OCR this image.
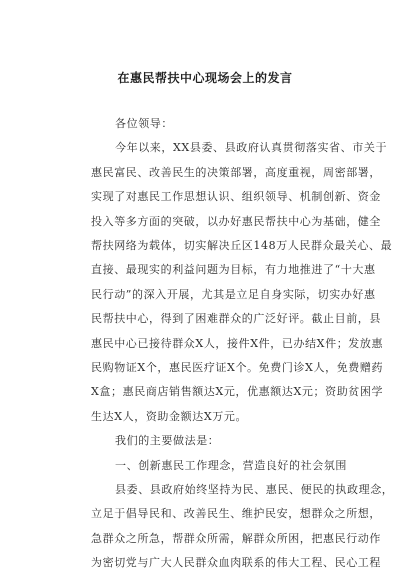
在惠民帮扶中心现场会上的发言
各位领导：
今年以来，XX县委、县政府认真贯彻落实省、市关于
惠民富民、改善民生的决策部署，高度重视，周密部署，
实现了对惠民工作思想认识、组织领导、机制创新、资金
投入等多方面的突破，以办好惠民帮扶中心为基础，健全
帮扶网络为载体，切实解决丘区148万人民群众最关心、最
直接、最现实的利益问题为目标，有力地推进了“十大惠
民行动”的深入开展，尤其是立足自身实际，切实办好惠
民帮扶中心，得到了困难群众的广泛好评。截止目前，县
惠民中心已接待群众X人，接件X件，已办结X件；发放惠
民购物证X个，惠民医疗证X个。免费门诊X人，免费赠药
X盒；惠民商店销售额达X元，优惠额达X元；资助贫困学
生达X人，资助金额达X万元。
我们的主要做法是：
一、创新惠民工作理念，营造良好的社会氛围
县委、县政府始终坚持为民、惠民、便民的执政理念，
立足于倡导民和、改善民生、维护民安，想群众之所想，
急群众之所急，帮群众所需，解群众所困，把惠民行动作
为密切党与广大人民群众血肉联系的伟大工程、民心工程
